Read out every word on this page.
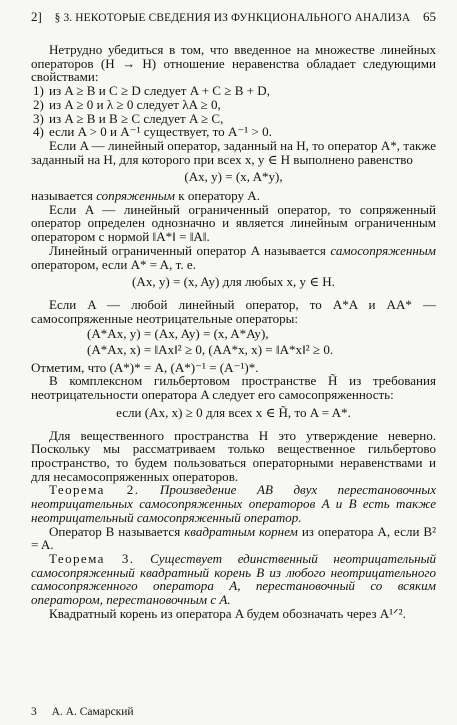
2] § 3. НЕКОТОРЫЕ СВЕДЕНИЯ ИЗ ФУНКЦИОНАЛЬНОГО АНАЛИЗА 65

Нетрудно убедиться в том, что введенное на множестве линейных операторов (H → H) отношение неравенства обладает следующими свойствами:

1) из A ≥ B и C ≥ D следует A + C ≥ B + D,
2) из A ≥ 0 и λ ≥ 0 следует λA ≥ 0,
3) из A ≥ B и B ≥ C следует A ≥ C,
4) если A > 0 и A⁻¹ существует, то A⁻¹ > 0.

Если A — линейный оператор, заданный на H, то оператор A*, также заданный на H, для которого при всех x, y ∈ H выполнено равенство

(Ax, y) = (x, A*y),

называется сопряженным к оператору A.

Если A — линейный ограниченный оператор, то сопряженный оператор определен однозначно и является линейным ограниченным оператором с нормой ‖A*‖ = ‖A‖.

Линейный ограниченный оператор A называется самосопряженным оператором, если A* = A, т. е.

(Ax, y) = (x, Ay) для любых x, y ∈ H.

Если A — любой линейный оператор, то A*A и AA* — самосопряженные неотрицательные операторы:

(A*Ax, y) = (Ax, Ay) = (x, A*Ay),
(A*Ax, x) = ‖Ax‖² ≥ 0, (AA*x, x) = ‖A*x‖² ≥ 0.

Отметим, что (A*)* = A, (A*)⁻¹ = (A⁻¹)*.

В комплексном гильбертовом пространстве H̃ из требования неотрицательности оператора A следует его самосопряженность:

если (Ax, x) ≥ 0 для всех x ∈ H̃, то A = A*.

Для вещественного пространства H это утверждение неверно. Поскольку мы рассматриваем только вещественное гильбертово пространство, то будем пользоваться операторными неравенствами и для несамосопряженных операторов.

Теорема 2. Произведение AB двух перестановочных неотрицательных самосопряженных операторов A и B есть также неотрицательный самосопряженный оператор.

Оператор B называется квадратным корнем из оператора A, если B² = A.

Теорема 3. Существует единственный неотрицательный самосопряженный квадратный корень B из любого неотрицательного самосопряженного оператора A, перестановочный со всяким оператором, перестановочным с A.

Квадратный корень из оператора A будем обозначать через A¹ᐟ².

3 А. А. Самарский
